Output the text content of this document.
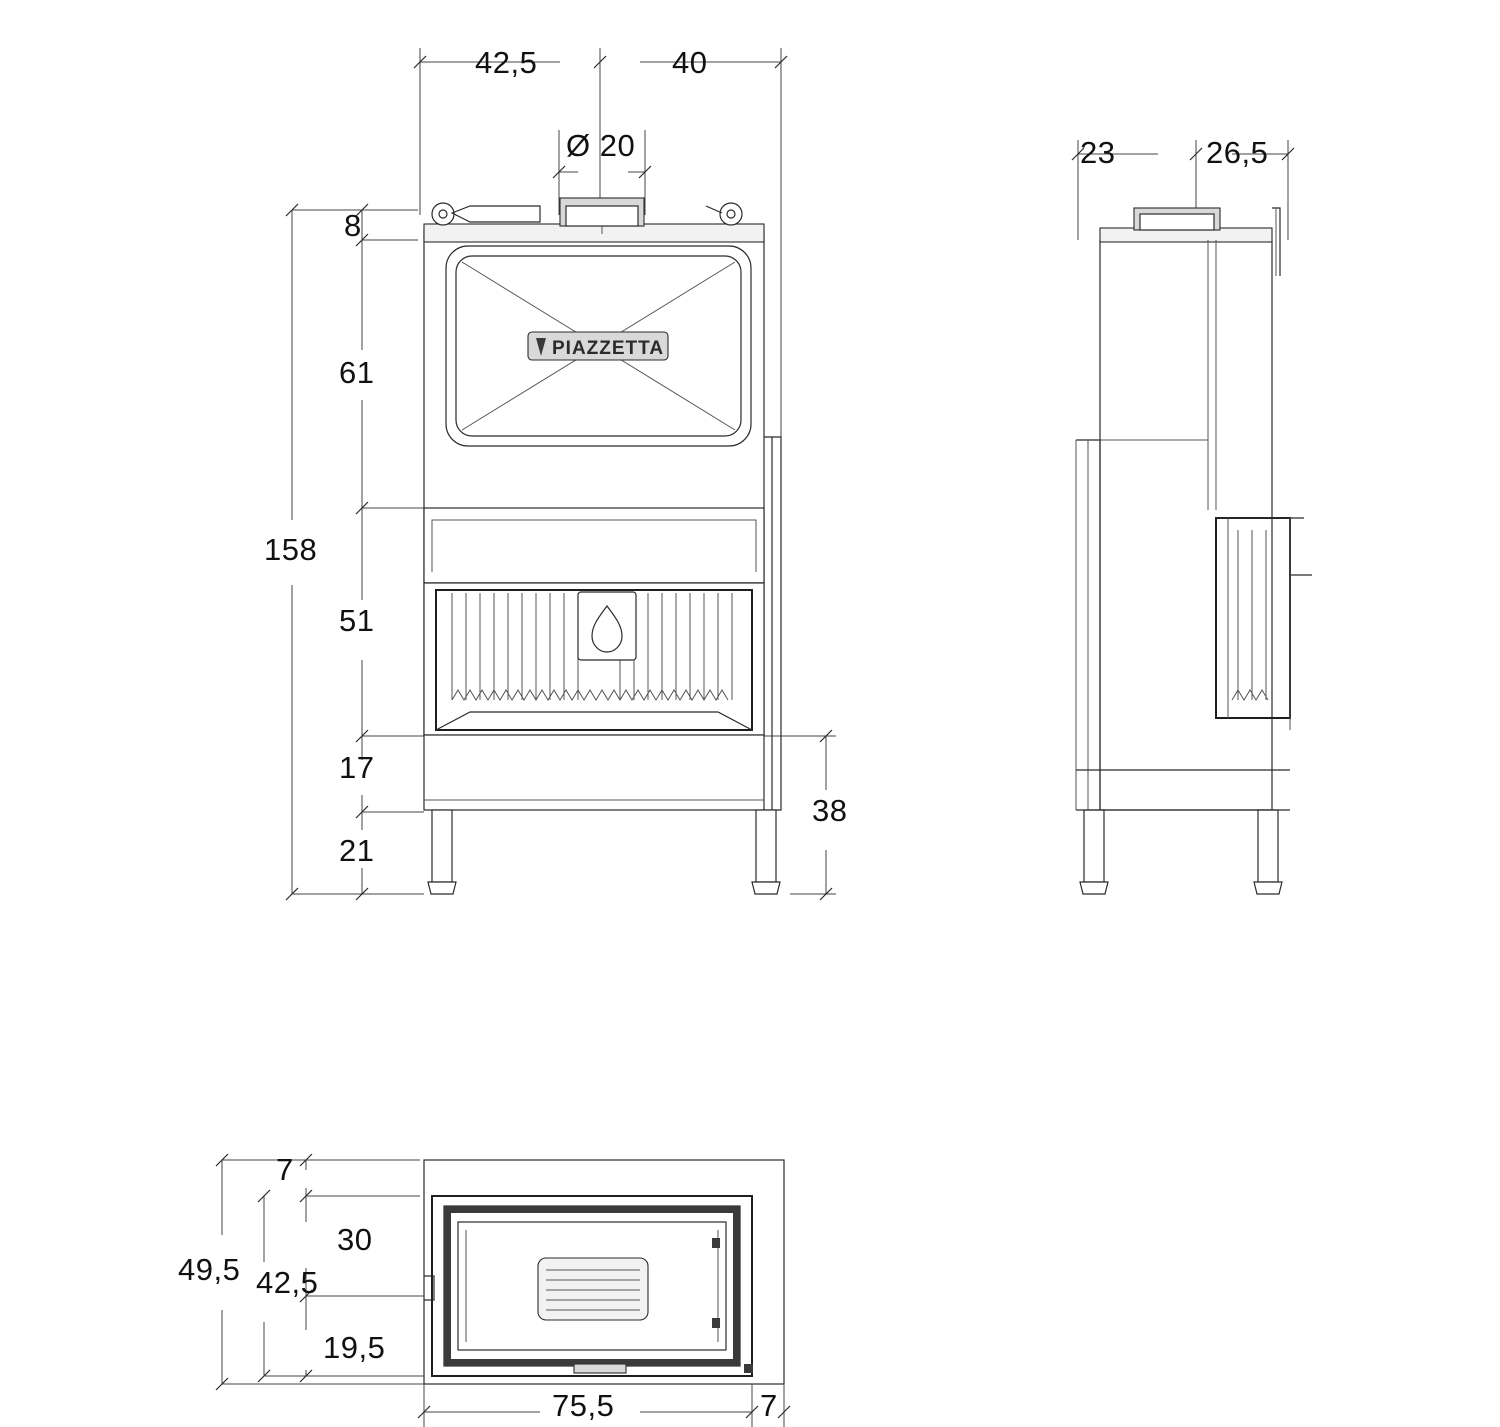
PIAZZETTA
42,5	40
Ø 20
8
61
51
17
21
158
38
23	26,5
7
30
49,5 42,5
19,5
75,5	7
